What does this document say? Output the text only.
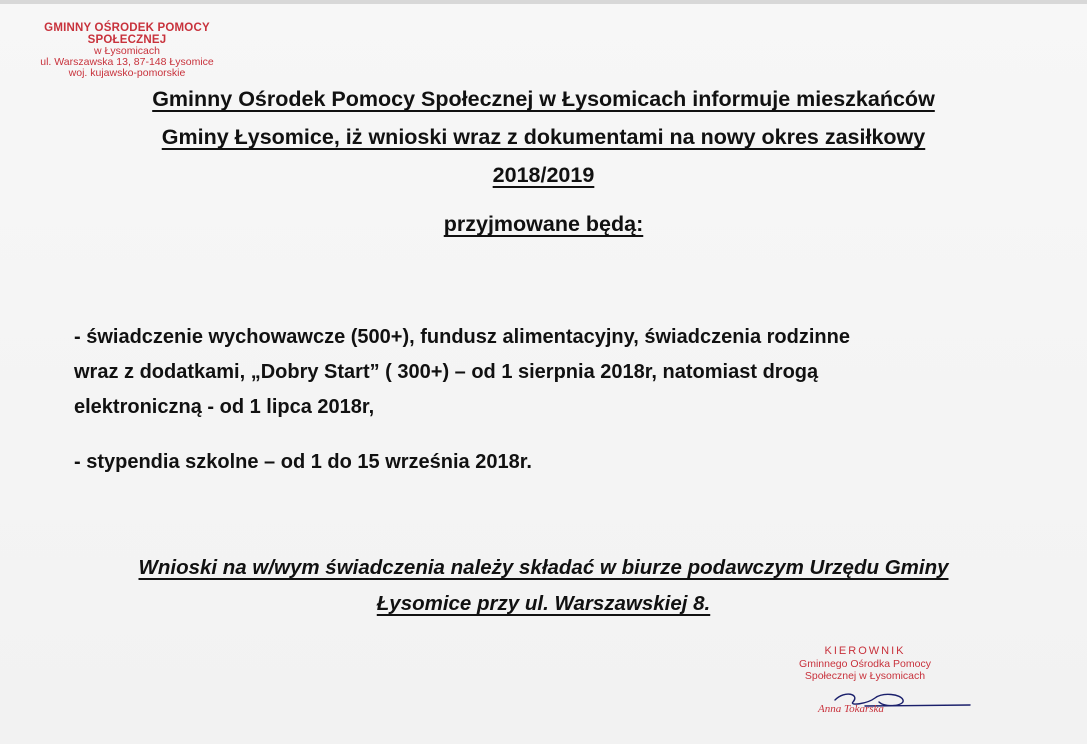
GMINNY OŚRODEK POMOCY SPOŁECZNEJ
w Łysomicach
ul. Warszawska 13, 87-148 Łysomice
woj. kujawsko-pomorskie
Gminny Ośrodek Pomocy Społecznej w Łysomicach informuje mieszkańców
Gminy Łysomice, iż wnioski wraz z dokumentami na nowy okres zasiłkowy
2018/2019
przyjmowane będą:
- świadczenie wychowawcze (500+), fundusz alimentacyjny, świadczenia rodzinne
wraz z dodatkami, „Dobry Start” ( 300+) – od 1 sierpnia 2018r, natomiast drogą
elektroniczną - od 1 lipca 2018r,
- stypendia szkolne – od 1 do 15 września 2018r.
Wnioski na w/wym świadczenia należy składać w biurze podawczym Urzędu Gminy
Łysomice przy ul. Warszawskiej 8.
KIEROWNIK
Gminnego Ośrodka Pomocy
Społecznej w Łysomicach
Anna Tokarska
